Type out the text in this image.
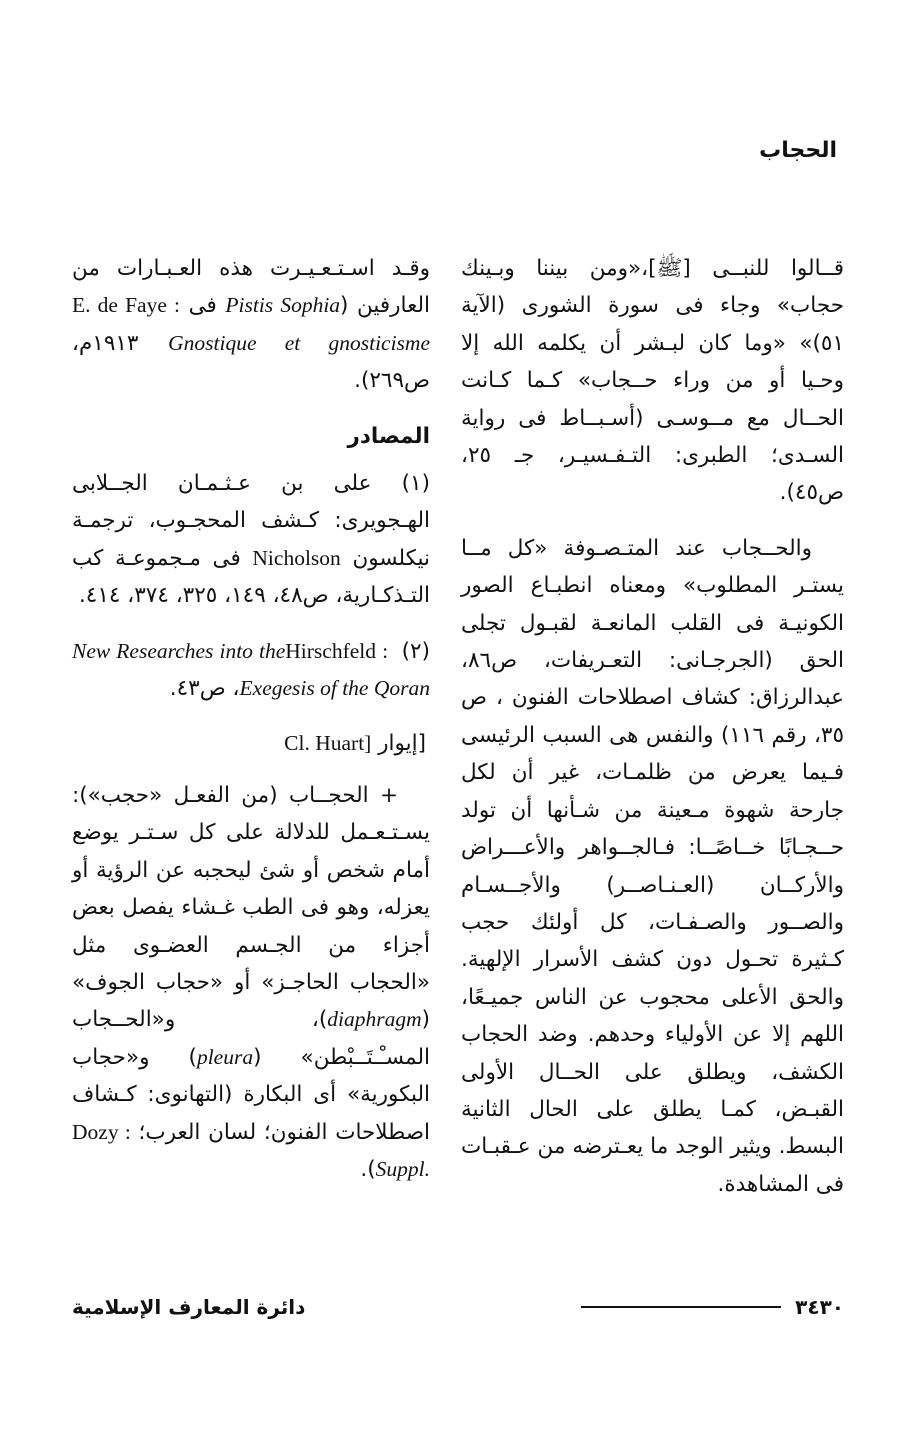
الحجاب

قــالوا للنبــى [ﷺ]،«ومن بيننا وبـينك حجاب» وجاء فى سورة الشورى (الآية ٥١)» «وما كان لبـشر أن يكلمه الله إلا وحـيا أو من وراء حــجاب» كـما كـانت الحــال مع مــوسـى (أسـبــاط فى رواية السـدى؛ الطبرى: التـفـسيـر، جـ ٢٥، ص٤٥).

والحــجاب عند المتـصـوفة «كل مــا يستـر المطلوب» ومعناه انطبـاع الصور الكونيـة فى القلب المانعـة لقبـول تجلى الحق (الجرجـانى: التعـريفات، ص٨٦، عبدالرزاق: كشاف اصطلاحات الفنون ، ص ٣٥، رقم ١١٦) والنفس هى السبب الرئيسى فـيما يعرض من ظلمـات، غير أن لكل جارحة شهوة مـعينة من شـأنها أن تولد حــجـابًا خــاصًــا: فـالجــواهر والأعـــراض والأركــان (العـنـاصــر) والأجــسـام والصــور والصـفـات، كل أولئك حجب كـثيرة تحـول دون كشف الأسرار الإلهية. والحق الأعلى محجوب عن الناس جميـعًا، اللهم إلا عن الأولياء وحدهم. وضد الحجاب الكشف، ويطلق على الحــال الأولى القبـض، كمـا يطلق على الحال الثانية البسط. ويثير الوجد ما يعـترضه من عـقبـات فى المشاهدة.

وقـد اسـتـعـيـرت هذه العـبـارات من العارفين (Pistis Sophia فى E. de Faye : Gnostique et gnosticisme ١٩١٣م، ص٢٦٩).

المصادر

(١) على بن عـثـمـان الجــلابى الهـجويرى: كـشف المحجـوب، ترجمـة نيكلسون Nicholson فى مـجموعـة كب التـذكـارية، ص٤٨، ١٤٩، ٣٢٥، ٣٧٤، ٤١٤.

(٢) Hirschfeld : New Researches into the Exegesis of the Qoran، ص٤٣.

[إيوار Cl. Huart]

+ الحجــاب (من الفعـل «حجب»): يسـتـعـمل للدلالة على كل سـتـر يوضع أمام شخص أو شئ ليحجبه عن الرؤية أو يعزله، وهو فى الطب غـشاء يفصل بعض أجزاء من الجـسم العضـوى مثل «الحجاب الحاجـز» أو «حجاب الجوف» (diaphragm)، و«الحــجاب المسـْـتَــبْطن» (pleura) و«حجاب البكورية» أى البكارة (التهانوى: كـشاف اصطلاحات الفنون؛ لسان العرب؛ Dozy : Suppl.).

٣٤٣٠
دائرة المعارف الإسلامية
